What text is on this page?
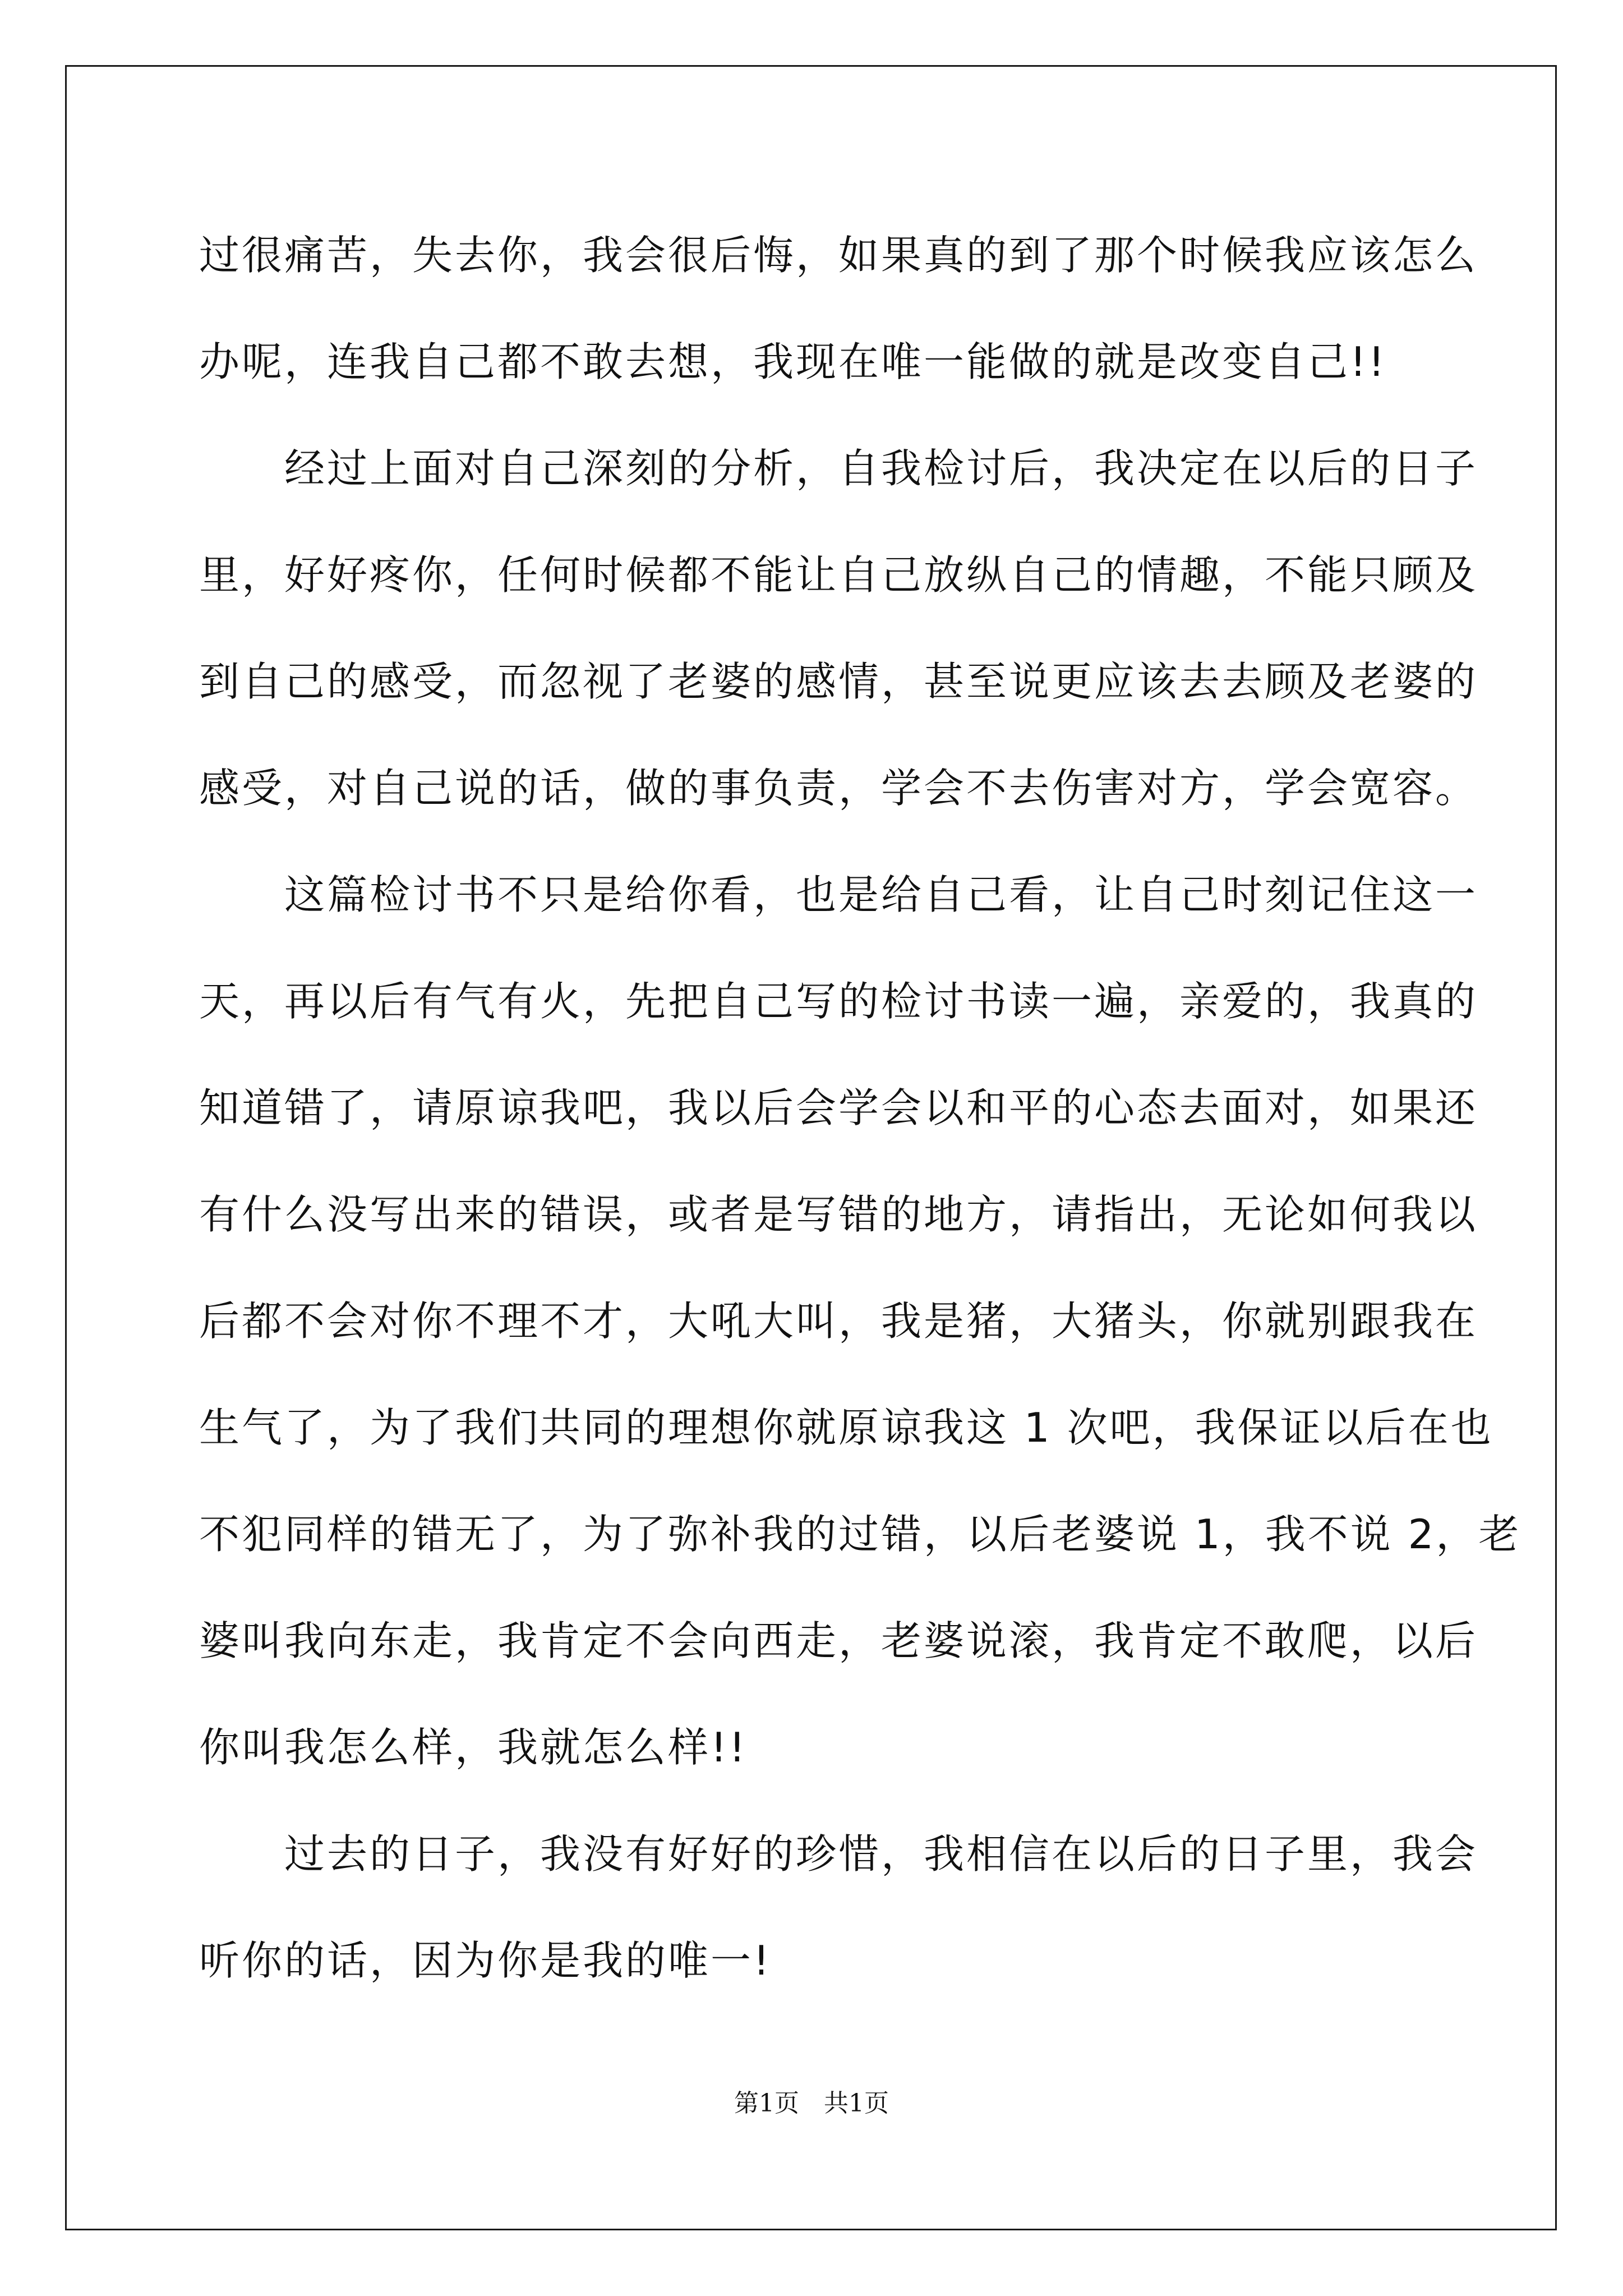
过很痛苦，失去你，我会很后悔，如果真的到了那个时候我应该怎么

办呢，连我自己都不敢去想，我现在唯一能做的就是改变自己!!

　　经过上面对自己深刻的分析，自我检讨后，我决定在以后的日子

里，好好疼你，任何时候都不能让自己放纵自己的情趣，不能只顾及

到自己的感受，而忽视了老婆的感情，甚至说更应该去去顾及老婆的

感受，对自己说的话，做的事负责，学会不去伤害对方，学会宽容。

　　这篇检讨书不只是给你看，也是给自己看，让自己时刻记住这一

天，再以后有气有火，先把自己写的检讨书读一遍，亲爱的，我真的

知道错了，请原谅我吧，我以后会学会以和平的心态去面对，如果还

有什么没写出来的错误，或者是写错的地方，请指出，无论如何我以

后都不会对你不理不才，大吼大叫，我是猪，大猪头，你就别跟我在

生气了，为了我们共同的理想你就原谅我这 1 次吧，我保证以后在也

不犯同样的错无了，为了弥补我的过错，以后老婆说 1，我不说 2，老

婆叫我向东走，我肯定不会向西走，老婆说滚，我肯定不敢爬，以后

你叫我怎么样，我就怎么样!!

　　过去的日子，我没有好好的珍惜，我相信在以后的日子里，我会

听你的话，因为你是我的唯一!

第1页　共1页
